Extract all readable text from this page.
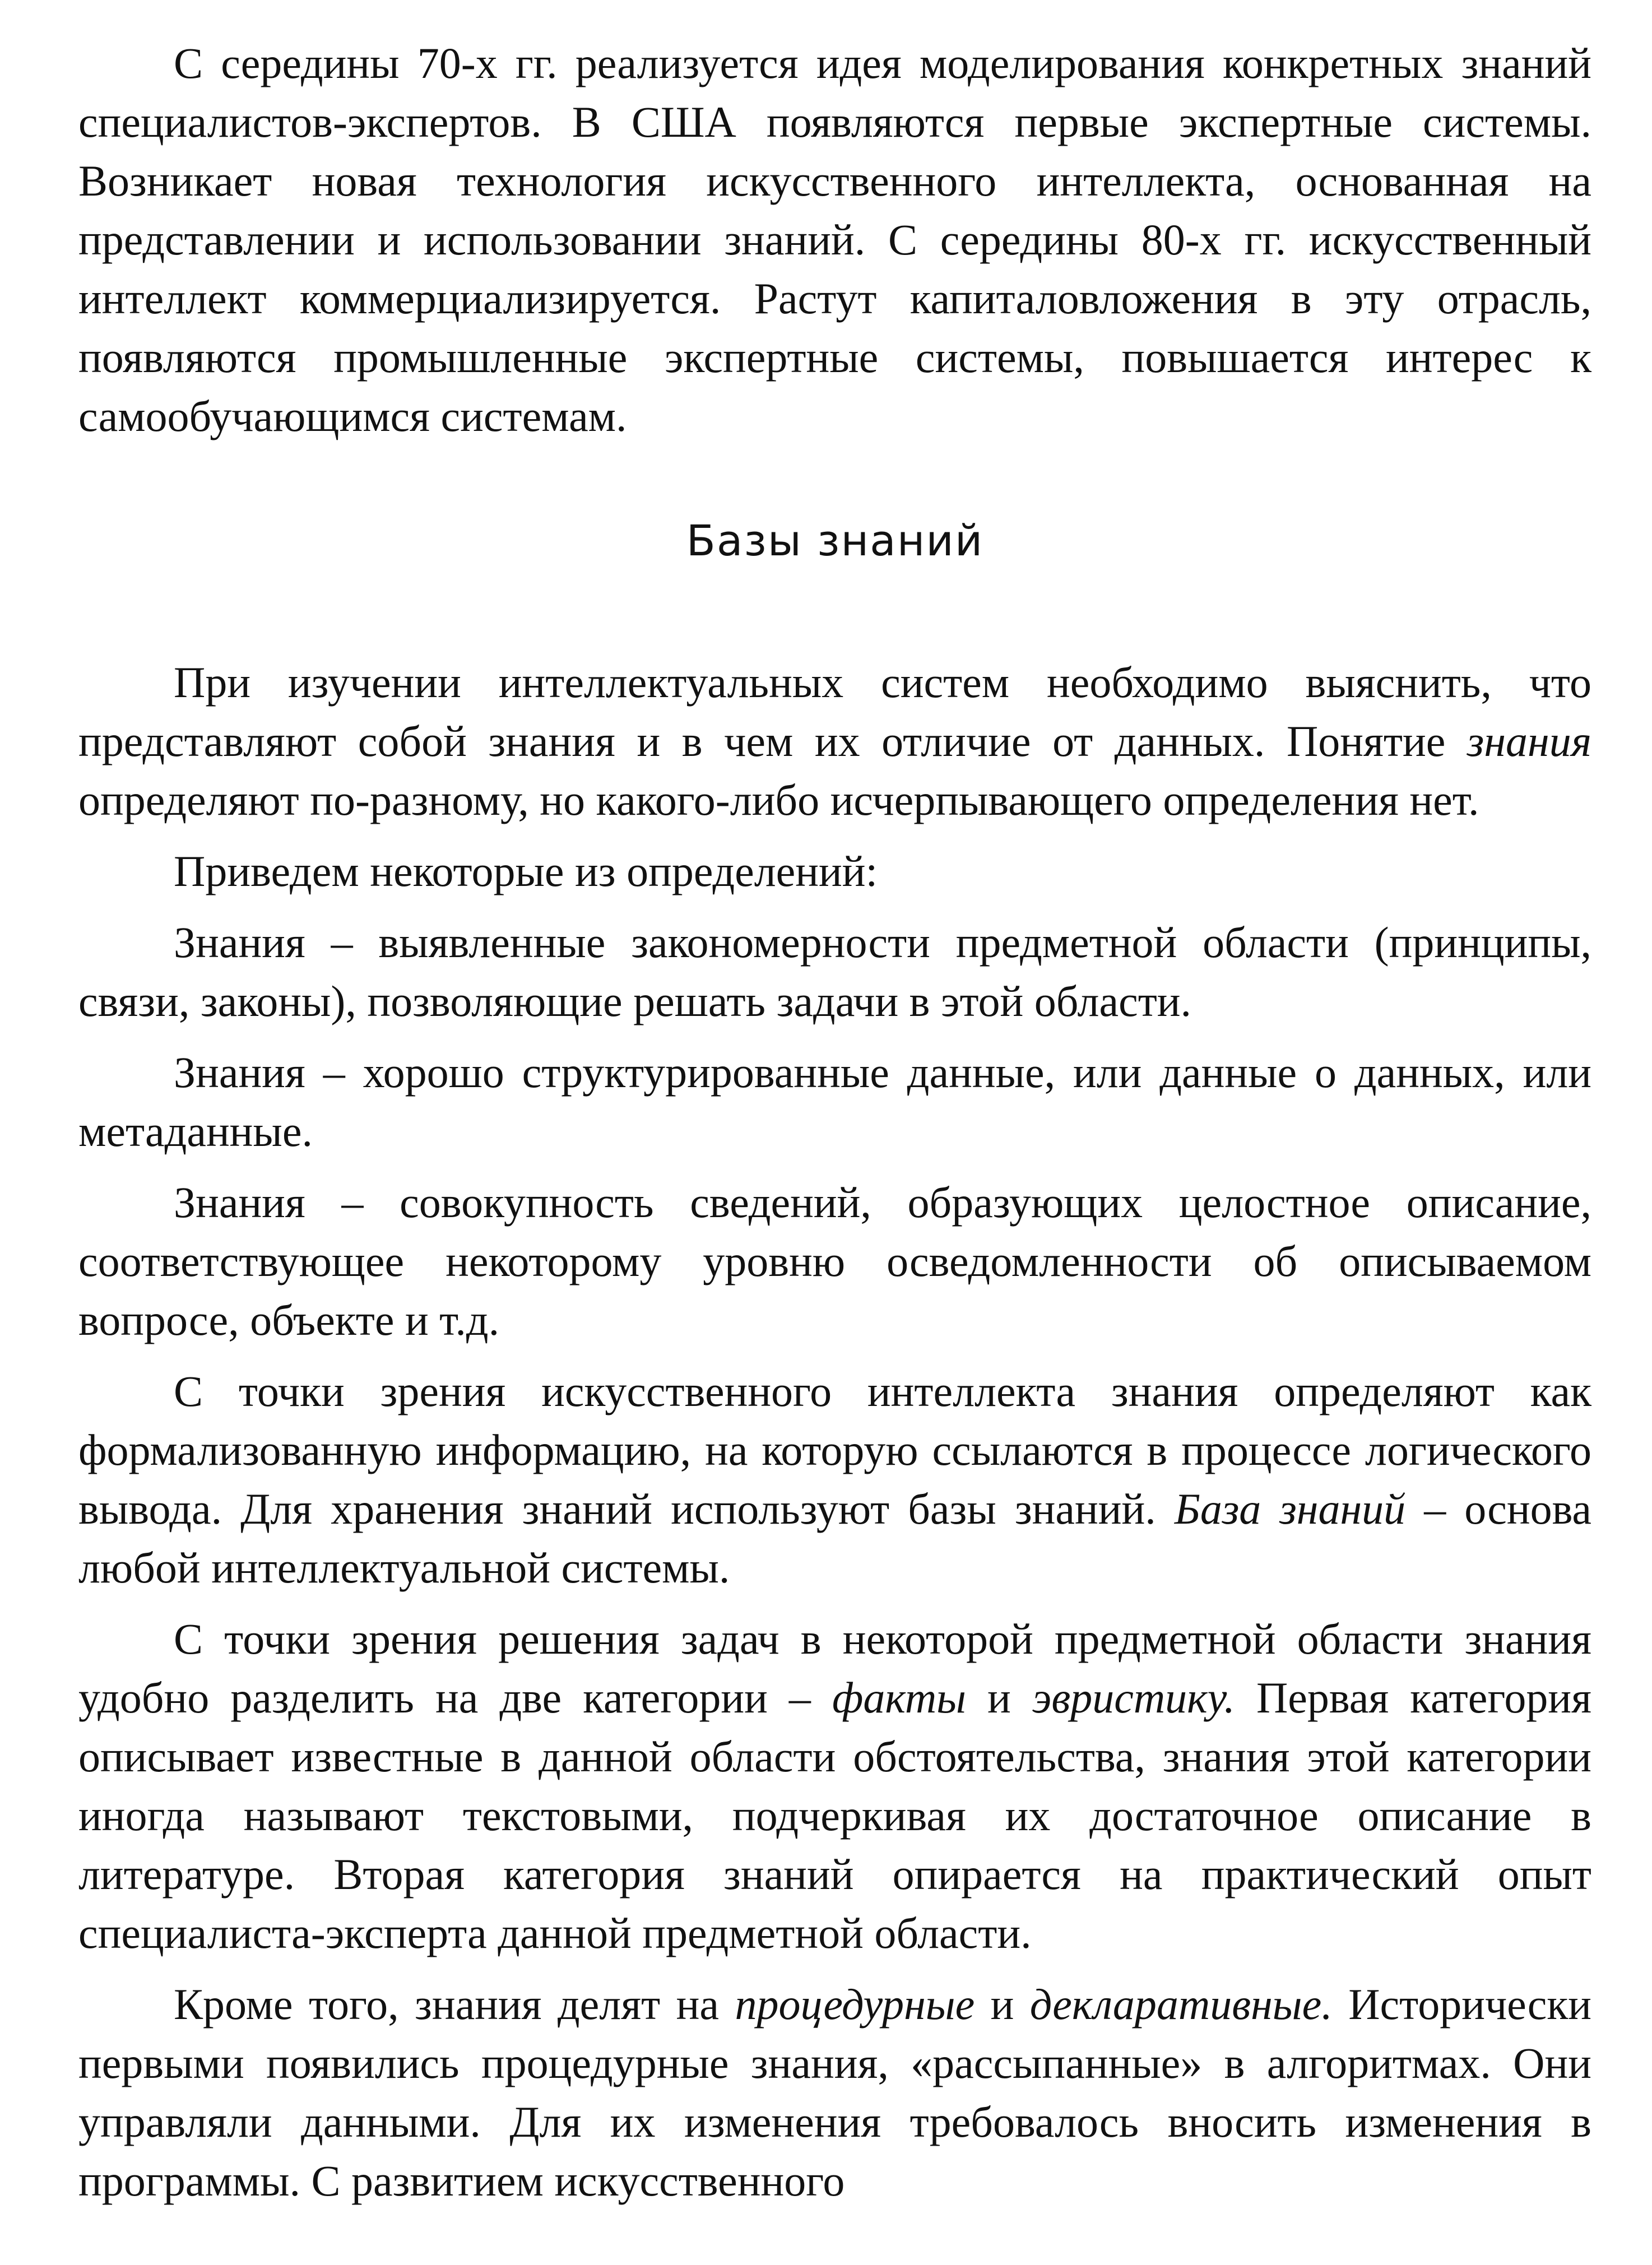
С середины 70-х гг. реализуется идея моделирования конкретных знаний специалистов-экспертов. В США появляются первые экспертные системы. Возникает новая технология искусственного интеллекта, основанная на представлении и использовании знаний. С середины 80-х гг. искусственный интеллект коммерциализируется. Растут капиталовложения в эту отрасль, появляются промышленные экспертные системы, повышается интерес к самообучающимся системам.

Базы знаний

При изучении интеллектуальных систем необходимо выяснить, что представляют собой знания и в чем их отличие от данных. Понятие знания определяют по-разному, но какого-либо исчерпывающего определения нет.

Приведем некоторые из определений:

Знания – выявленные закономерности предметной области (принципы, связи, законы), позволяющие решать задачи в этой области.

Знания – хорошо структурированные данные, или данные о данных, или метаданные.

Знания – совокупность сведений, образующих целостное описание, соответствующее некоторому уровню осведомленности об описываемом вопросе, объекте и т.д.

С точки зрения искусственного интеллекта знания определяют как формализованную информацию, на которую ссылаются в процессе логического вывода. Для хранения знаний используют базы знаний. База знаний – основа любой интеллектуальной системы.

С точки зрения решения задач в некоторой предметной области знания удобно разделить на две категории – факты и эвристику. Первая категория описывает известные в данной области обстоятельства, знания этой категории иногда называют текстовыми, подчеркивая их достаточное описание в литературе. Вторая категория знаний опирается на практический опыт специалиста-эксперта данной предметной области.

Кроме того, знания делят на процедурные и декларативные. Исторически первыми появились процедурные знания, «рассыпанные» в алгоритмах. Они управляли данными. Для их изменения требовалось вносить изменения в программы. С развитием искусственного
